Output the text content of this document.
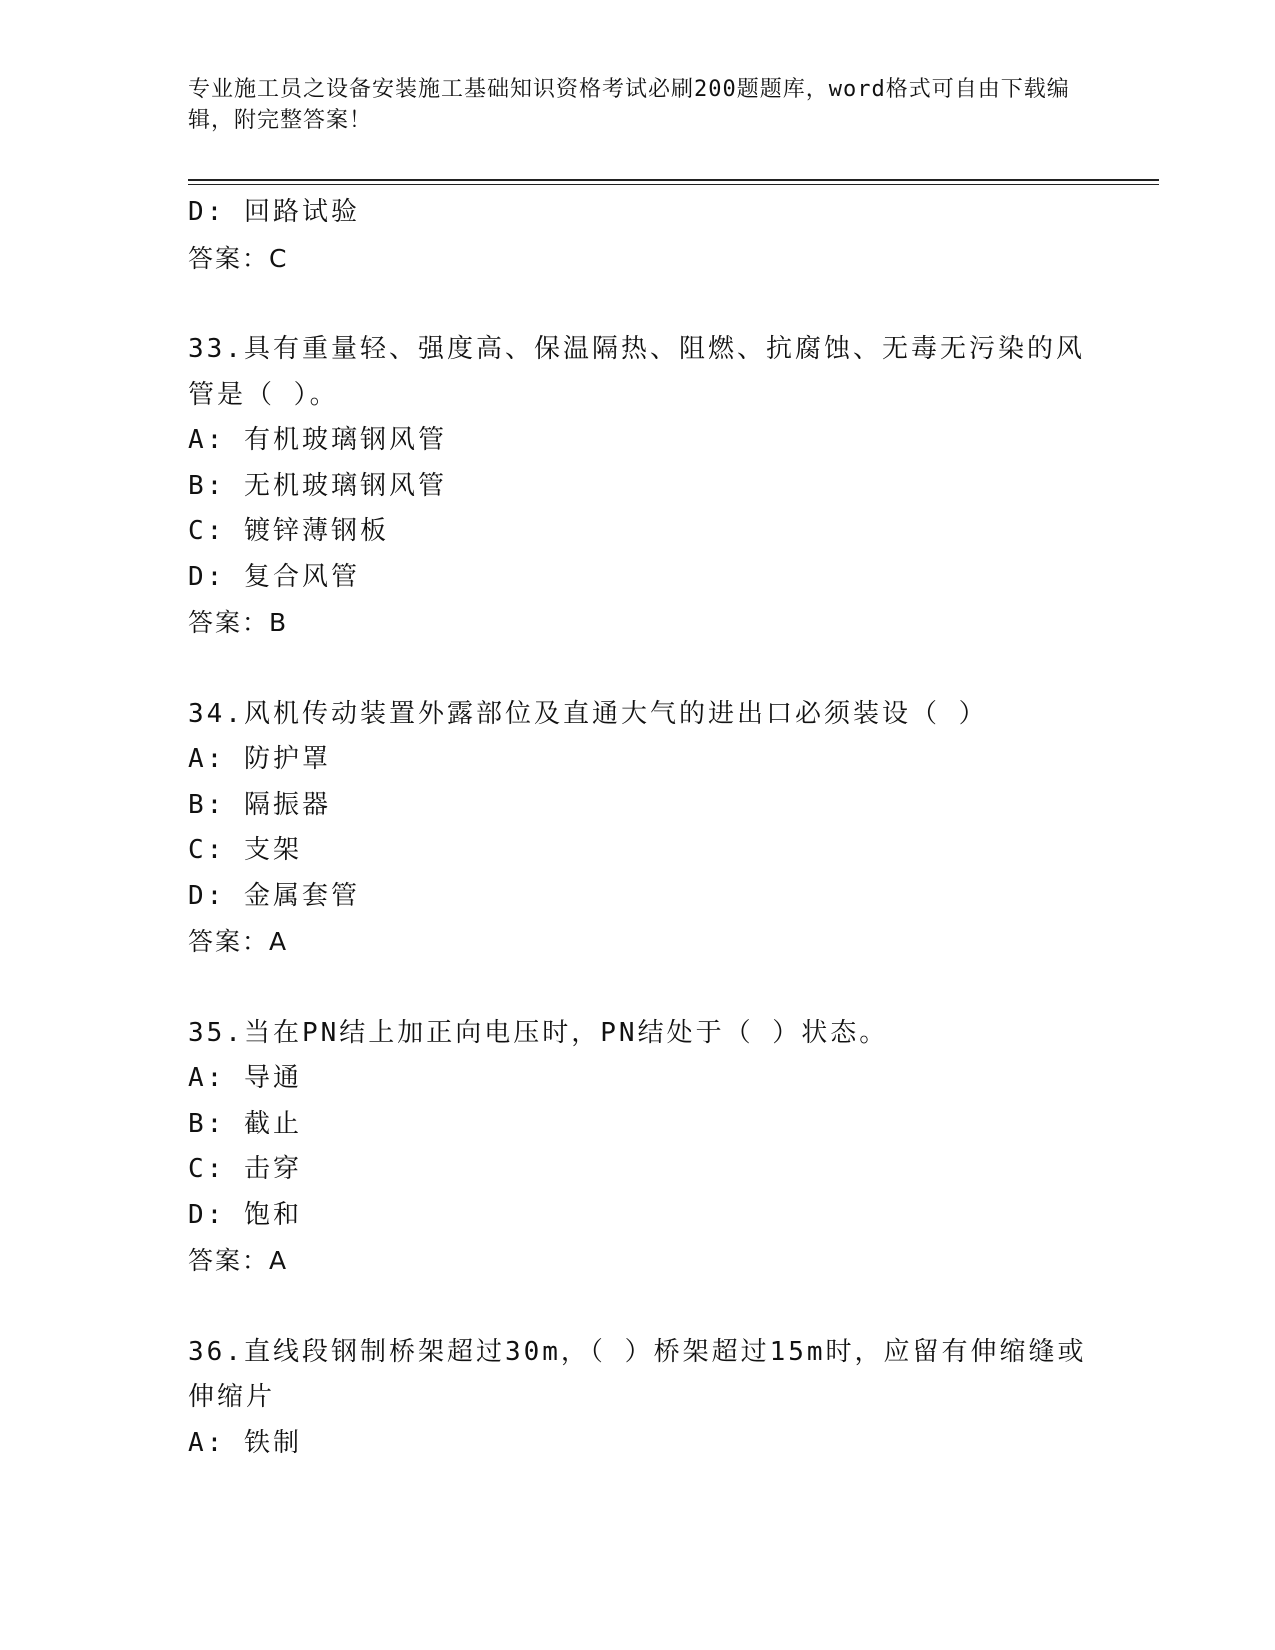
专业施工员之设备安装施工基础知识资格考试必刷200题题库，word格式可自由下载编辑，附完整答案！
D: 回路试验
答案：C
33.具有重量轻、强度高、保温隔热、阻燃、抗腐蚀、无毒无污染的风管是（ ）。
A: 有机玻璃钢风管
B: 无机玻璃钢风管
C: 镀锌薄钢板
D: 复合风管
答案：B
34.风机传动装置外露部位及直通大气的进出口必须装设（ ）
A: 防护罩
B: 隔振器
C: 支架
D: 金属套管
答案：A
35.当在PN结上加正向电压时，PN结处于（ ）状态。
A: 导通
B: 截止
C: 击穿
D: 饱和
答案：A
36.直线段钢制桥架超过30m，（ ）桥架超过15m时，应留有伸缩缝或伸缩片
A: 铁制
